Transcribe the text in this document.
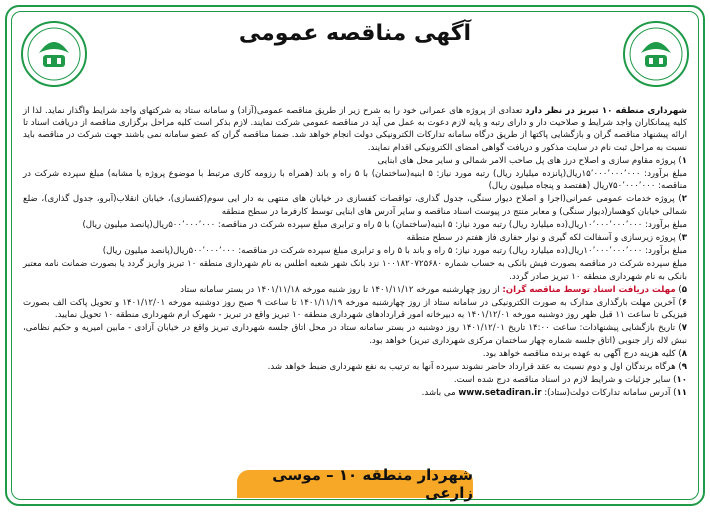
آگهی مناقصه عمومی

شهرداری منطقه ۱۰ تبریز در نظر دارد تعدادی از پروژه های عمرانی خود را به شرح زیر از طریق مناقصه عمومی(آزاد) و سامانه ستاد به شرکتهای واجد شرایط واگذار نماید. لذا از کلیه پیمانکاران واجد شرایط و صلاحیت دار و دارای رتبه و پایه لازم دعوت به عمل می آید در مناقصه عمومی شرکت نمایند. لازم بذکر است کلیه مراحل برگزاری مناقصه از دریافت اسناد تا ارائه پیشنهاد مناقصه گران و بازگشایی پاکتها از طریق درگاه سامانه تدارکات الکترونیکی دولت انجام خواهد شد. ضمنا مناقصه گران که عضو سامانه نمی باشند جهت شرکت در مناقصه باید نسبت به مراحل ثبت نام در سایت مذکور و دریافت گواهی امضای الکترونیکی اقدام نمایند.

۱) پروژه مقاوم سازی و اصلاح درز های پل صاحب الامر شمالی و سایر محل های ابنایی

مبلغ برآورد: ۱۵٬۰۰۰٬۰۰۰٬۰۰۰ریال(پانزده میلیارد ریال) رتبه مورد نیاز: ۵ ابنیه(ساختمان) با ۵ راه و باند (همراه با رزومه کاری مرتبط با موضوع پروژه یا مشابه) مبلغ سپرده شرکت در مناقصه: ۷۵۰٬۰۰۰٬۰۰۰ریال (هفتصد و پنجاه میلیون ریال)

۲) پروژه خدمات عمومی عمرانی(اجرا و اصلاح دیوار سنگی، جدول گذاری، تواقصات کفسازی در خیابان های منتهی به دار ایی سوم(کفسازی)، خیابان انقلاب(آبرو، جدول گذاری)، ضلع شمالی خیابان کوهسار(دیوار سنگی) و معابر منتج در پیوست اسناد مناقصه و سایر آدرس های ابنایی توسط کارفرما در سطح منطقه

مبلغ برآورد: ۱۰٬۰۰۰٬۰۰۰٬۰۰۰ریال(ده میلیارد ریال) رتبه مورد نیاز: ۵ ابنیه(ساختمان) با ۵ راه و ترابری مبلغ سپرده شرکت در مناقصه: ۵۰۰٬۰۰۰٬۰۰۰ریال(پانصد میلیون ریال)

۳) پروژه زیرسازی و آسفالت لکه گیری و نوار حفاری فاز هفتم در سطح منطقه

مبلغ برآورد: ۱۰٬۰۰۰٬۰۰۰٬۰۰۰ریال(ده میلیارد ریال) رتبه مورد نیاز: ۵ راه و باند با ۵ راه و ترابری مبلغ سپرده شرکت در مناقصه: ۵۰۰٬۰۰۰٬۰۰۰ریال(پانصد میلیون ریال)

مبلغ سپرده شرکت در مناقصه بصورت فیش بانکی به حساب شماره ۱۰۰۱۸۲۰۷۲۵۶۸۰ نزد بانک شهر شعبه اطلس به نام شهرداری منطقه ۱۰ تبریز واریز گردد یا بصورت ضمانت نامه معتبر بانکی به نام شهرداری منطقه ۱۰ تبریز صادر گردد.

۵) مهلت دریافت اسناد توسط مناقصه گران: از روز چهارشنبه مورخه ۱۴۰۱/۱۱/۱۲ تا روز شنبه مورخه ۱۴۰۱/۱۱/۱۸ در بستر سامانه ستاد

۶) آخرین مهلت بارگذاری مدارک به صورت الکترونیکی در سامانه ستاد از روز چهارشنبه مورخه ۱۴۰۱/۱۱/۱۹ تا ساعت ۹ صبح روز دوشنبه مورخه ۱۴۰۱/۱۲/۰۱ و تحویل پاکت الف بصورت فیزیکی تا ساعت ۱۱ قبل ظهر روز دوشنبه مورخه ۱۴۰۱/۱۲/۰۱ به دبیرخانه امور قراردادهای شهرداری منطقه ۱۰ تبریز واقع در تبریز - شهرک ارم شهرداری منطقه ۱۰ تحویل نمایید.

۷) تاریخ بازگشایی پیشنهادات: ساعت ۱۴:۰۰ تاریخ ۱۴۰۱/۱۲/۰۱ روز دوشنبه در بستر سامانه ستاد در محل اتاق جلسه شهرداری تبریز واقع در خیابان آزادی - مابین امیریه و حکیم نظامی، نبش لاله زار جنوبی (اتاق جلسه شماره چهار ساختمان مرکزی شهرداری تبریز) خواهد بود.

۸) کلیه هزینه درج آگهی به عهده برنده مناقصه خواهد بود.

۹) هرگاه برندگان اول و دوم نسبت به عقد قرارداد حاضر نشوند سپرده آنها به ترتیب به نفع شهرداری ضبط خواهد شد.

۱۰) سایر جزئیات و شرایط لازم در اسناد مناقصه درج شده است.

۱۱) آدرس سامانه تدارکات دولت(ستاد): www.setadiran.ir می باشد.

شهردار منطقه ۱۰ – موسی زارعی
